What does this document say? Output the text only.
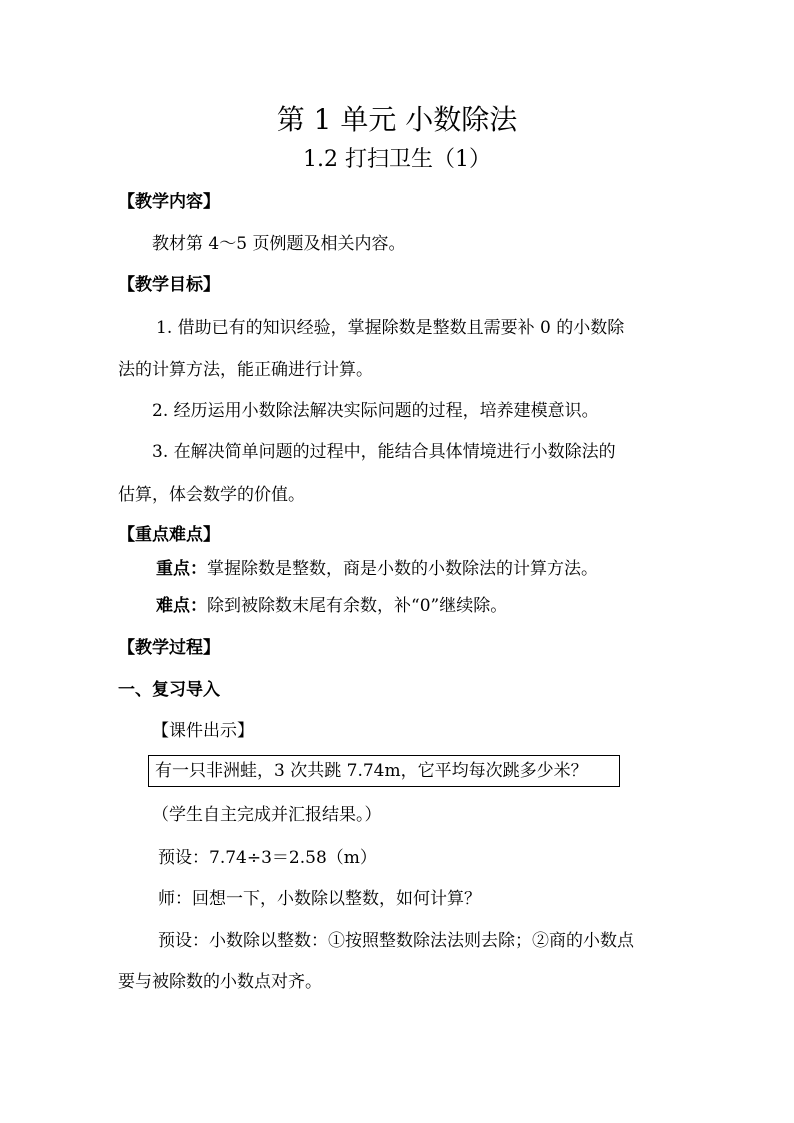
第 1 单元 小数除法
1.2 打扫卫生（1）
【教学内容】
教材第 4～5 页例题及相关内容。
【教学目标】
1. 借助已有的知识经验，掌握除数是整数且需要补 0 的小数除
法的计算方法，能正确进行计算。
2. 经历运用小数除法解决实际问题的过程，培养建模意识。
3. 在解决简单问题的过程中，能结合具体情境进行小数除法的
估算，体会数学的价值。
【重点难点】
重点：掌握除数是整数，商是小数的小数除法的计算方法。
难点：除到被除数末尾有余数，补“0”继续除。
【教学过程】
一、复习导入
【课件出示】
有一只非洲蛙，3 次共跳 7.74m，它平均每次跳多少米？
（学生自主完成并汇报结果。）
预设：7.74÷3＝2.58（m）
师：回想一下，小数除以整数，如何计算？
预设：小数除以整数：①按照整数除法法则去除；②商的小数点
要与被除数的小数点对齐。
